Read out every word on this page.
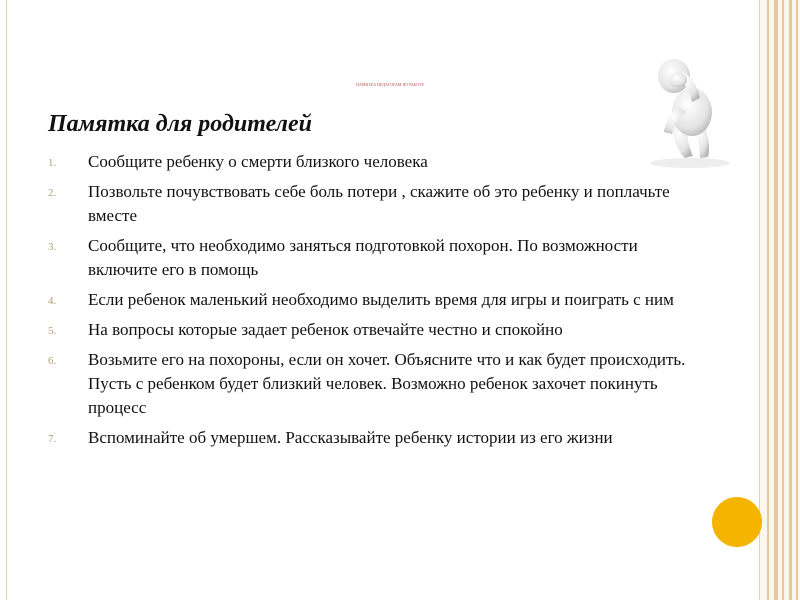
ПАМЯТКА ПЕДАГОГАМ ПО РАБОТЕ
Памятка для родителей
1. Сообщите ребенку о смерти близкого человека
2. Позвольте почувствовать себе боль потери , скажите об это ребенку и поплачьте вместе
3. Сообщите, что необходимо заняться подготовкой похорон. По возможности включите его в помощь
4. Если ребенок маленький необходимо выделить время для игры и поиграть с ним
5. На вопросы которые задает ребенок отвечайте честно и спокойно
6. Возьмите его на похороны, если он хочет. Объясните что и как будет происходить. Пусть с ребенком будет близкий человек. Возможно ребенок захочет покинуть процесс
7. Вспоминайте об умершем. Рассказывайте ребенку истории из его жизни
